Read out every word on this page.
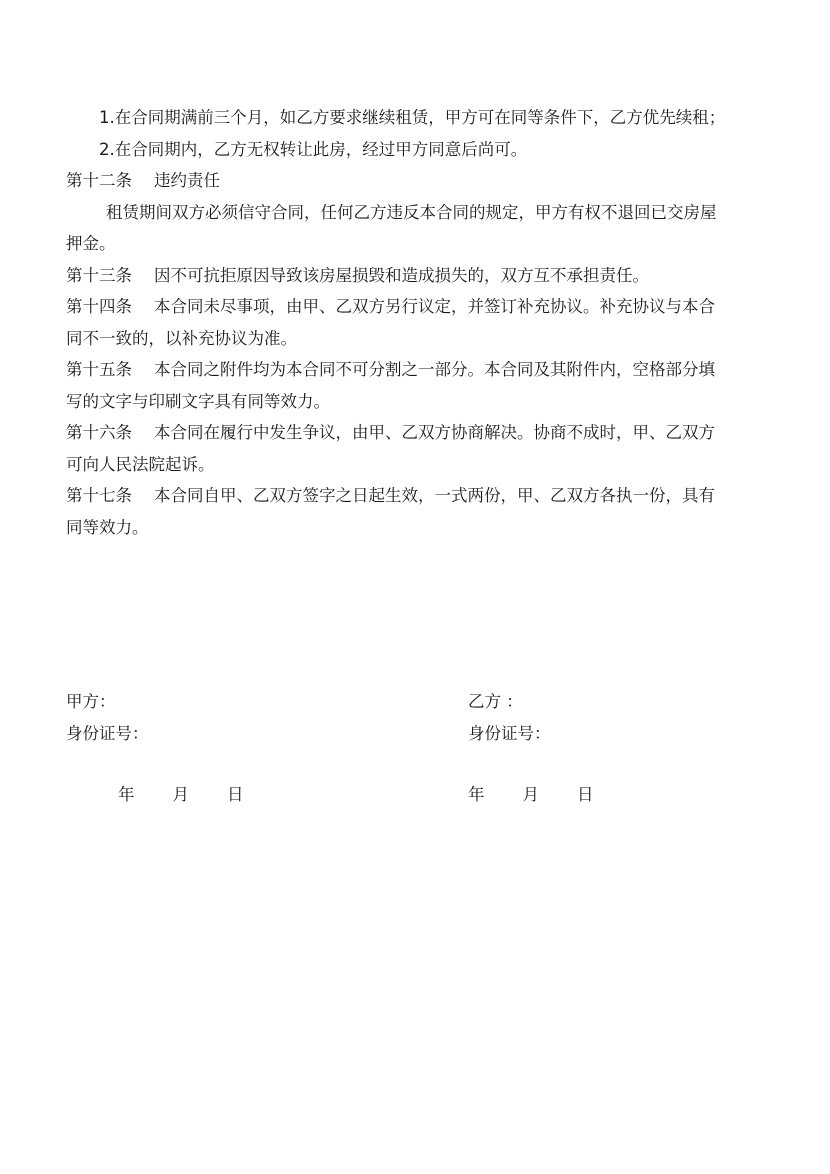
1.在合同期满前三个月，如乙方要求继续租赁，甲方可在同等条件下，乙方优先续租；

2.在合同期内，乙方无权转让此房，经过甲方同意后尚可。

第十二条 违约责任

租赁期间双方必须信守合同，任何乙方违反本合同的规定，甲方有权不退回已交房屋押金。

第十三条 因不可抗拒原因导致该房屋损毁和造成损失的，双方互不承担责任。

第十四条 本合同未尽事项，由甲、乙双方另行议定，并签订补充协议。补充协议与本合同不一致的，以补充协议为准。

第十五条 本合同之附件均为本合同不可分割之一部分。本合同及其附件内，空格部分填写的文字与印刷文字具有同等效力。

第十六条 本合同在履行中发生争议，由甲、乙双方协商解决。协商不成时，甲、乙双方可向人民法院起诉。

第十七条 本合同自甲、乙双方签字之日起生效，一式两份，甲、乙双方各执一份，具有同等效力。

甲方：
身份证号：
年 月 日
乙方 ：
身份证号：
年 月 日
